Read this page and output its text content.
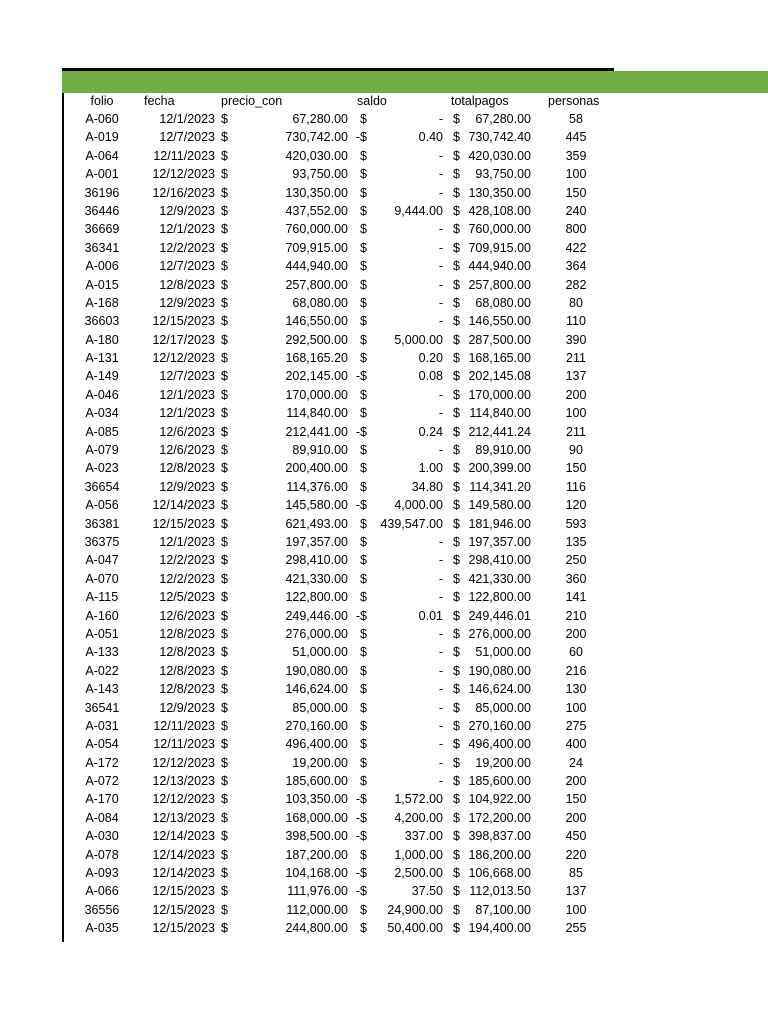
folio	fecha	precio_con	saldo	totalpagos	personas
A-060	12/1/2023 $	67,280.00 $	- $	67,280.00	58
A-019	12/7/2023 $	730,742.00 -$	0.40 $ 730,742.40	445
A-064	12/11/2023 $	420,030.00 $	- $ 420,030.00	359
A-001	12/12/2023 $	93,750.00 $	- $	93,750.00	100
36196	12/16/2023 $	130,350.00 $	- $ 130,350.00	150
36446	12/9/2023 $	437,552.00 $	9,444.00 $ 428,108.00	240
36669	12/1/2023 $	760,000.00 $	- $ 760,000.00	800
36341	12/2/2023 $	709,915.00 $	- $ 709,915.00	422
A-006	12/7/2023 $	444,940.00 $	- $ 444,940.00	364
A-015	12/8/2023 $	257,800.00 $	- $ 257,800.00	282
A-168	12/9/2023 $	68,080.00 $	- $	68,080.00	80
36603	12/15/2023 $	146,550.00 $	- $ 146,550.00	110
A-180	12/17/2023 $	292,500.00 $	5,000.00 $ 287,500.00	390
A-131	12/12/2023 $	168,165.20 $	0.20 $ 168,165.00	211
A-149	12/7/2023 $	202,145.00 -$	0.08 $ 202,145.08	137
A-046	12/1/2023 $	170,000.00 $	- $ 170,000.00	200
A-034	12/1/2023 $	114,840.00 $	- $ 114,840.00	100
A-085	12/6/2023 $	212,441.00 -$	0.24 $ 212,441.24	211
A-079	12/6/2023 $	89,910.00 $	- $	89,910.00	90
A-023	12/8/2023 $	200,400.00 $	1.00 $ 200,399.00	150
36654	12/9/2023 $	114,376.00 $	34.80 $ 114,341.20	116
A-056	12/14/2023 $	145,580.00 -$	4,000.00 $ 149,580.00	120
36381	12/15/2023 $	621,493.00 $	439,547.00 $ 181,946.00	593
36375	12/1/2023 $	197,357.00 $	- $ 197,357.00	135
A-047	12/2/2023 $	298,410.00 $	- $ 298,410.00	250
A-070	12/2/2023 $	421,330.00 $	- $ 421,330.00	360
A-115	12/5/2023 $	122,800.00 $	- $ 122,800.00	141
A-160	12/6/2023 $	249,446.00 -$	0.01 $ 249,446.01	210
A-051	12/8/2023 $	276,000.00 $	- $ 276,000.00	200
A-133	12/8/2023 $	51,000.00 $	- $	51,000.00	60
A-022	12/8/2023 $	190,080.00 $	- $ 190,080.00	216
A-143	12/8/2023 $	146,624.00 $	- $ 146,624.00	130
36541	12/9/2023 $	85,000.00 $	- $	85,000.00	100
A-031	12/11/2023 $	270,160.00 $	- $ 270,160.00	275
A-054	12/11/2023 $	496,400.00 $	- $ 496,400.00	400
A-172	12/12/2023 $	19,200.00 $	- $	19,200.00	24
A-072	12/13/2023 $	185,600.00 $	- $ 185,600.00	200
A-170	12/12/2023 $	103,350.00 -$	1,572.00 $ 104,922.00	150
A-084	12/13/2023 $	168,000.00 -$	4,200.00 $ 172,200.00	200
A-030	12/14/2023 $	398,500.00 -$	337.00 $ 398,837.00	450
A-078	12/14/2023 $	187,200.00 $	1,000.00 $ 186,200.00	220
A-093	12/14/2023 $	104,168.00 -$	2,500.00 $ 106,668.00	85
A-066	12/15/2023 $	111,976.00 -$	37.50 $ 112,013.50	137
36556	12/15/2023 $	112,000.00 $	24,900.00 $	87,100.00	100
A-035	12/15/2023 $	244,800.00 $	50,400.00 $ 194,400.00	255
